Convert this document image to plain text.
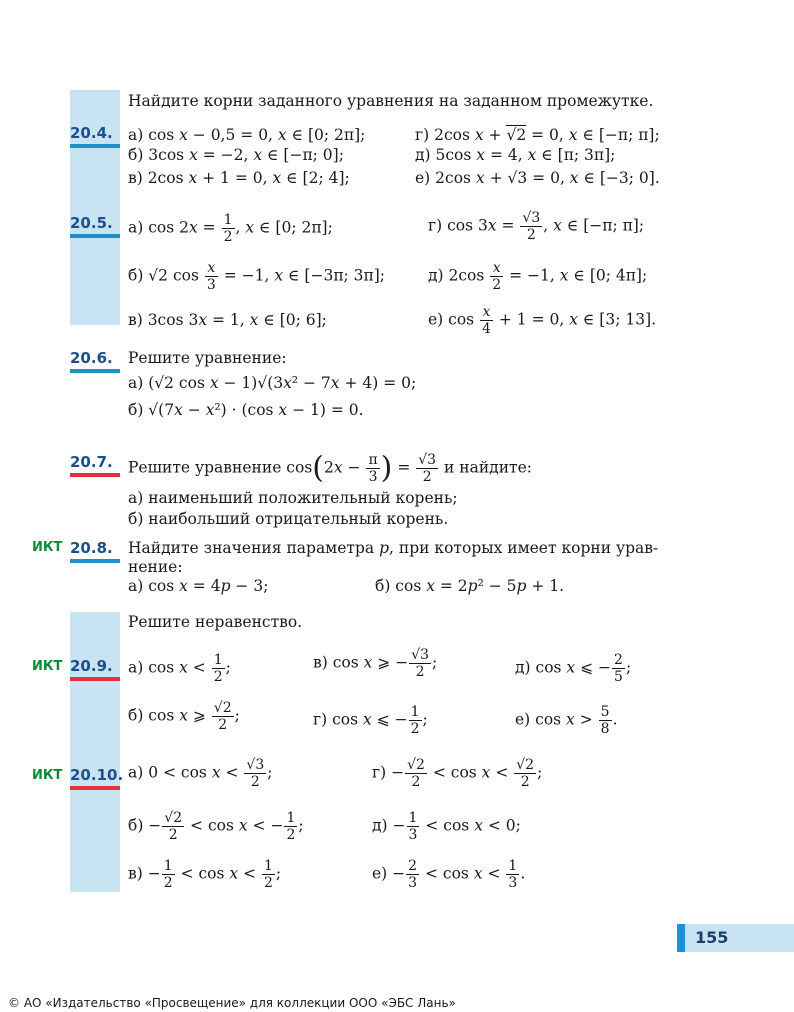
Найдите корни заданного уравнения на заданном промежутке.
20.4. а) cos x − 0,5 = 0, x ∈ [0; 2π];	г) 2cos x + √2 = 0, x ∈ [−π; π];
б) 3cos x = −2, x ∈ [−π; 0];	д) 5cos x = 4, x ∈ [π; 3π];
в) 2cos x + 1 = 0, x ∈ [2; 4];	е) 2cos x + √3 = 0, x ∈ [−3; 0].
20.5. а) $\cos 2x = \frac{1}{2}$ , x ∈ [0; 2π];	г) $\cos 3x = \frac{√3}{2}$ , x ∈ [−π; π];
б) √2 $\cos \frac{x}{3} = -1$, x ∈ [−3π; 3π];	д) $2\cos \frac{x}{2} = -1$, x ∈ [0; 4π];
в) 3cos 3x = 1, x ∈ [0; 6];	е) $\cos \frac{x}{4} + 1 = 0$, x ∈ [3; 13].
20.6. Решите уравнение:
а) (√2 cos x − 1)√(3x² − 7x + 4) = 0;
б) √(7x − x²) · (cos x − 1) = 0.
20.7. Решите уравнение $\cos(2x - \frac{\pi}{3}$ ) = $\frac{√3}{2}$ и найдите:
а) наименьший положительный корень;
б) наибольший отрицательный корень.
ИКТ 20.8. Найдите значения параметра p, при которых имеет корни урав-
нение:
а) cos x = 4p − 3;	б) cos x = 2p² − 5p + 1.
Решите неравенство.
ИКТ 20.9. а) $\cos x < \frac{1}{2}$ ;	в) cos x ⩾ − $\frac{√3}{2}$ ;	д) cos x ⩽ − $\frac{2}{5}$ ;
б) cos x ⩾ $\frac{√2}{2}$ ;	г) cos x ⩽ − $\frac{1}{2}$ ;	е) $\cos x > \frac{5}{8}$ .
ИКТ 20.10. а) $0 < \cos x < \frac{√3}{2}$ ;	$г) - \frac{√2}{2} < \cos x < \frac{√2}{2}$ ;
$б) - \frac{√2}{2} < \cos x$ < − $\frac{1}{2}$ ;	$д) - \frac{1}{3} < \cos x < 0$;
$в) - \frac{1}{2} < \cos x < \frac{1}{2}$ ;	$е) - \frac{2}{3} < \cos x < \frac{1}{3}$ .
155
© АО «Издательство «Просвещение» для коллекции ООО «ЭБС Лань»
